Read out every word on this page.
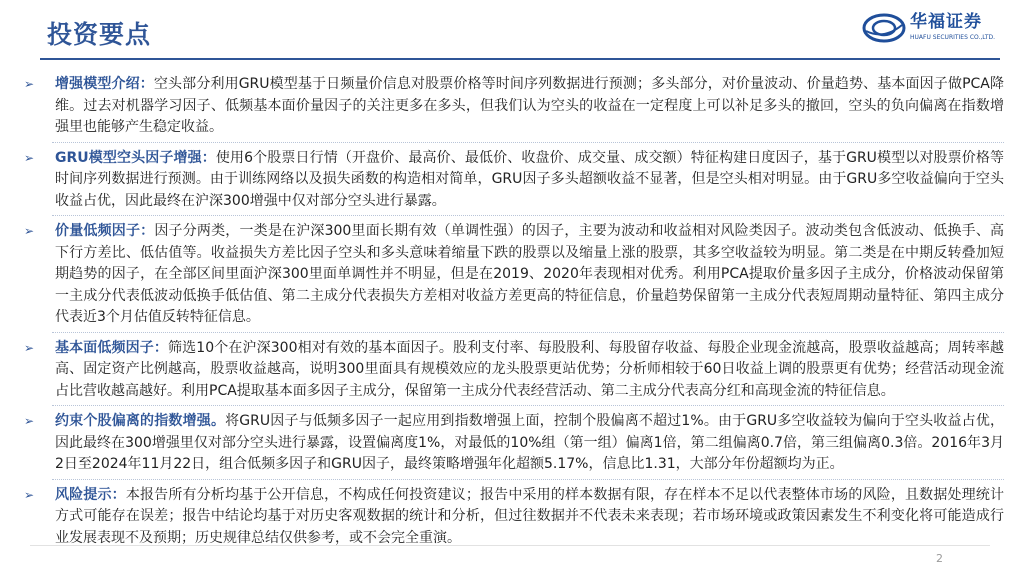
投资要点	华福证券
HUAFU SECURITIES CO.,LTD.
➢ 增强模型介绍：空头部分利用GRU模型基于日频量价信息对股票价格等时间序列数据进行预测；多头部分，对价量波动、价量趋势、基本面因子做PCA降维。过去对机器学习因子、低频基本面价量因子的关注更多在多头，但我们认为空头的收益在一定程度上可以补足多头的撤回，空头的负向偏离在指数增强里也能够产生稳定收益。
➢ GRU模型空头因子增强：使用6个股票日行情（开盘价、最高价、最低价、收盘价、成交量、成交额）特征构建日度因子，基于GRU模型以对股票价格等时间序列数据进行预测。由于训练网络以及损失函数的构造相对简单，GRU因子多头超额收益不显著，但是空头相对明显。由于GRU多空收益偏向于空头收益占优，因此最终在沪深300增强中仅对部分空头进行暴露。
➢ 价量低频因子：因子分两类，一类是在沪深300里面长期有效（单调性强）的因子，主要为波动和收益相对风险类因子。波动类包含低波动、低换手、高下行方差比、低估值等。收益损失方差比因子空头和多头意味着缩量下跌的股票以及缩量上涨的股票，其多空收益较为明显。第二类是在中期反转叠加短期趋势的因子，在全部区间里面沪深300里面单调性并不明显，但是在2019、2020年表现相对优秀。利用PCA提取价量多因子主成分，价格波动保留第一主成分代表低波动低换手低估值、第二主成分代表损失方差相对收益方差更高的特征信息，价量趋势保留第一主成分代表短周期动量特征、第四主成分代表近3个月估值反转特征信息。
➢ 基本面低频因子：筛选10个在沪深300相对有效的基本面因子。股利支付率、每股股利、每股留存收益、每股企业现金流越高，股票收益越高；周转率越高、固定资产比例越高，股票收益越高，说明300里面具有规模效应的龙头股票更站优势；分析师相较于60日收益上调的股票更有优势；经营活动现金流占比营收越高越好。利用PCA提取基本面多因子主成分，保留第一主成分代表经营活动、第二主成分代表高分红和高现金流的特征信息。
➢ 约束个股偏离的指数增强。将GRU因子与低频多因子一起应用到指数增强上面，控制个股偏离不超过1%。由于GRU多空收益较为偏向于空头收益占优，因此最终在300增强里仅对部分空头进行暴露，设置偏离度1%，对最低的10%组（第一组）偏离1倍，第二组偏离0.7倍，第三组偏离0.3倍。2016年3月2日至2024年11月22日，组合低频多因子和GRU因子，最终策略增强年化超额5.17%，信息比1.31，大部分年份超额均为正。
➢ 风险提示：本报告所有分析均基于公开信息，不构成任何投资建议；报告中采用的样本数据有限，存在样本不足以代表整体市场的风险，且数据处理统计方式可能存在误差；报告中结论均基于对历史客观数据的统计和分析，但过往数据并不代表未来表现；若市场环境或政策因素发生不利变化将可能造成行业发展表现不及预期；历史规律总结仅供参考，或不会完全重演。
2
